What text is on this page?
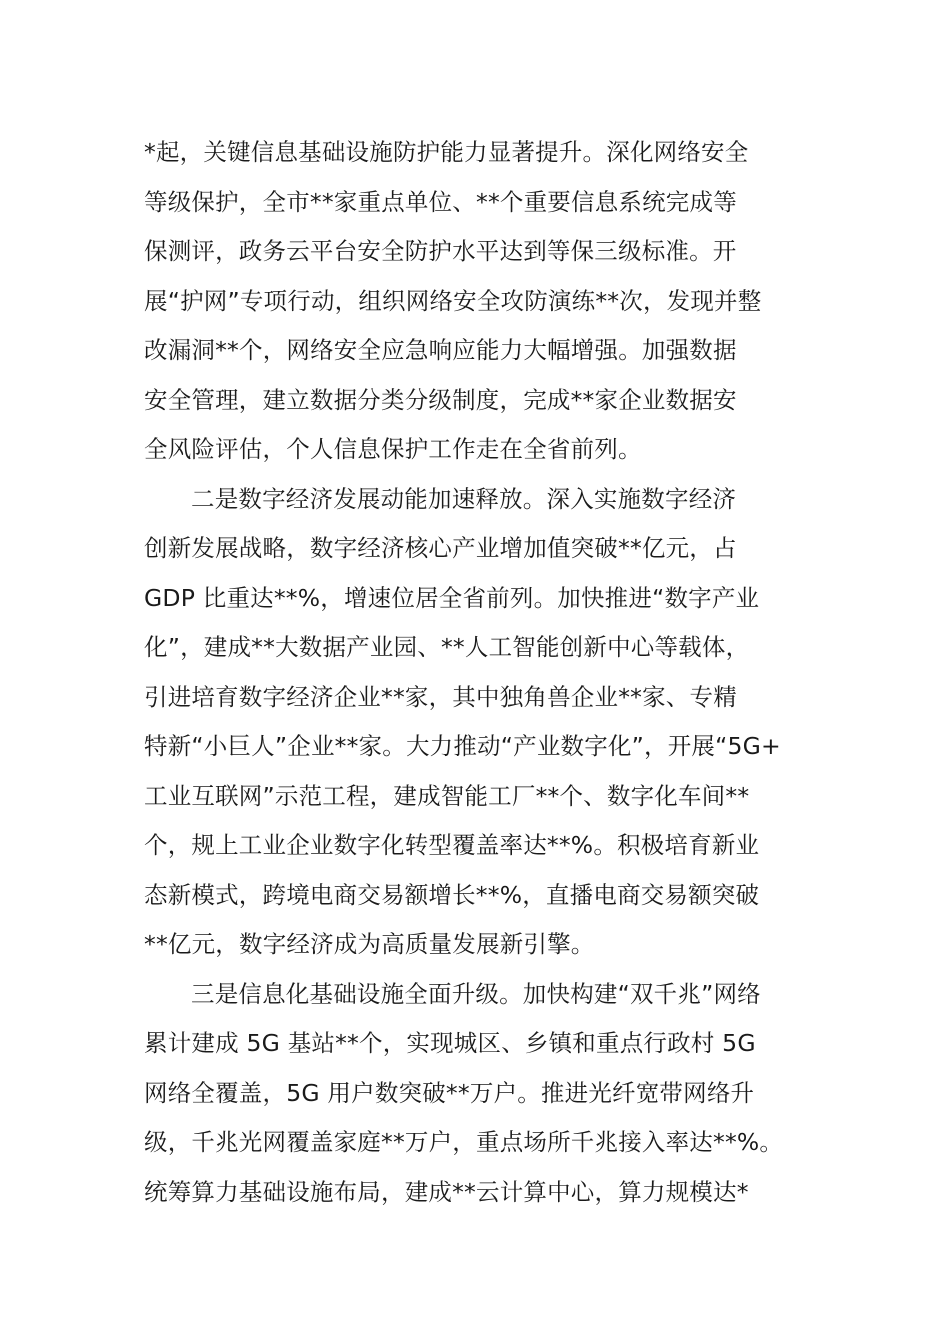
*起，关键信息基础设施防护能力显著提升。深化网络安全
等级保护，全市**家重点单位、**个重要信息系统完成等
保测评，政务云平台安全防护水平达到等保三级标准。开
展“护网”专项行动，组织网络安全攻防演练**次，发现并整
改漏洞**个，网络安全应急响应能力大幅增强。加强数据
安全管理，建立数据分类分级制度，完成**家企业数据安
全风险评估，个人信息保护工作走在全省前列。
二是数字经济发展动能加速释放。深入实施数字经济
创新发展战略，数字经济核心产业增加值突破**亿元，占
GDP 比重达**%，增速位居全省前列。加快推进“数字产业
化”，建成**大数据产业园、**人工智能创新中心等载体，
引进培育数字经济企业**家，其中独角兽企业**家、专精
特新“小巨人”企业**家。大力推动“产业数字化”，开展“5G+
工业互联网”示范工程，建成智能工厂**个、数字化车间**
个，规上工业企业数字化转型覆盖率达**%。积极培育新业
态新模式，跨境电商交易额增长**%，直播电商交易额突破
**亿元，数字经济成为高质量发展新引擎。
三是信息化基础设施全面升级。加快构建“双千兆”网络
累计建成 5G 基站**个，实现城区、乡镇和重点行政村 5G
网络全覆盖，5G 用户数突破**万户。推进光纤宽带网络升
级，千兆光网覆盖家庭**万户，重点场所千兆接入率达**%。
统筹算力基础设施布局，建成**云计算中心，算力规模达*
